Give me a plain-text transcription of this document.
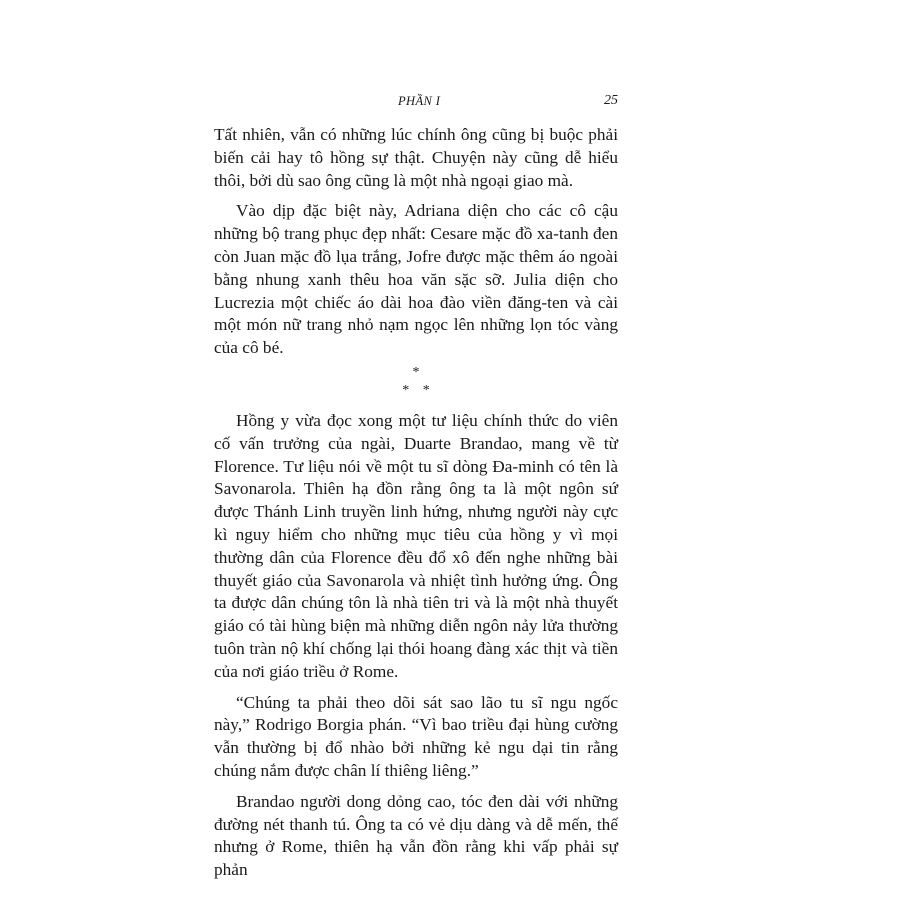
PHẦN I	25

Tất nhiên, vẫn có những lúc chính ông cũng bị buộc phải biến cải hay tô hồng sự thật. Chuyện này cũng dễ hiểu thôi, bởi dù sao ông cũng là một nhà ngoại giao mà.

Vào dịp đặc biệt này, Adriana diện cho các cô cậu những bộ trang phục đẹp nhất: Cesare mặc đồ xa-tanh đen còn Juan mặc đồ lụa trắng, Jofre được mặc thêm áo ngoài bằng nhung xanh thêu hoa văn sặc sỡ. Julia diện cho Lucrezia một chiếc áo dài hoa đào viền đăng-ten và cài một món nữ trang nhỏ nạm ngọc lên những lọn tóc vàng của cô bé.

*
* *

Hồng y vừa đọc xong một tư liệu chính thức do viên cố vấn trưởng của ngài, Duarte Brandao, mang về từ Florence. Tư liệu nói về một tu sĩ dòng Đa-minh có tên là Savonarola. Thiên hạ đồn rằng ông ta là một ngôn sứ được Thánh Linh truyền linh hứng, nhưng người này cực kì nguy hiểm cho những mục tiêu của hồng y vì mọi thường dân của Florence đều đổ xô đến nghe những bài thuyết giáo của Savonarola và nhiệt tình hưởng ứng. Ông ta được dân chúng tôn là nhà tiên tri và là một nhà thuyết giáo có tài hùng biện mà những diễn ngôn nảy lửa thường tuôn tràn nộ khí chống lại thói hoang đàng xác thịt và tiền của nơi giáo triều ở Rome.

“Chúng ta phải theo dõi sát sao lão tu sĩ ngu ngốc này,” Rodrigo Borgia phán. “Vì bao triều đại hùng cường vẫn thường bị đổ nhào bởi những kẻ ngu dại tin rằng chúng nắm được chân lí thiêng liêng.”

Brandao người dong dỏng cao, tóc đen dài với những đường nét thanh tú. Ông ta có vẻ dịu dàng và dễ mến, thế nhưng ở Rome, thiên hạ vẫn đồn rằng khi vấp phải sự phản
